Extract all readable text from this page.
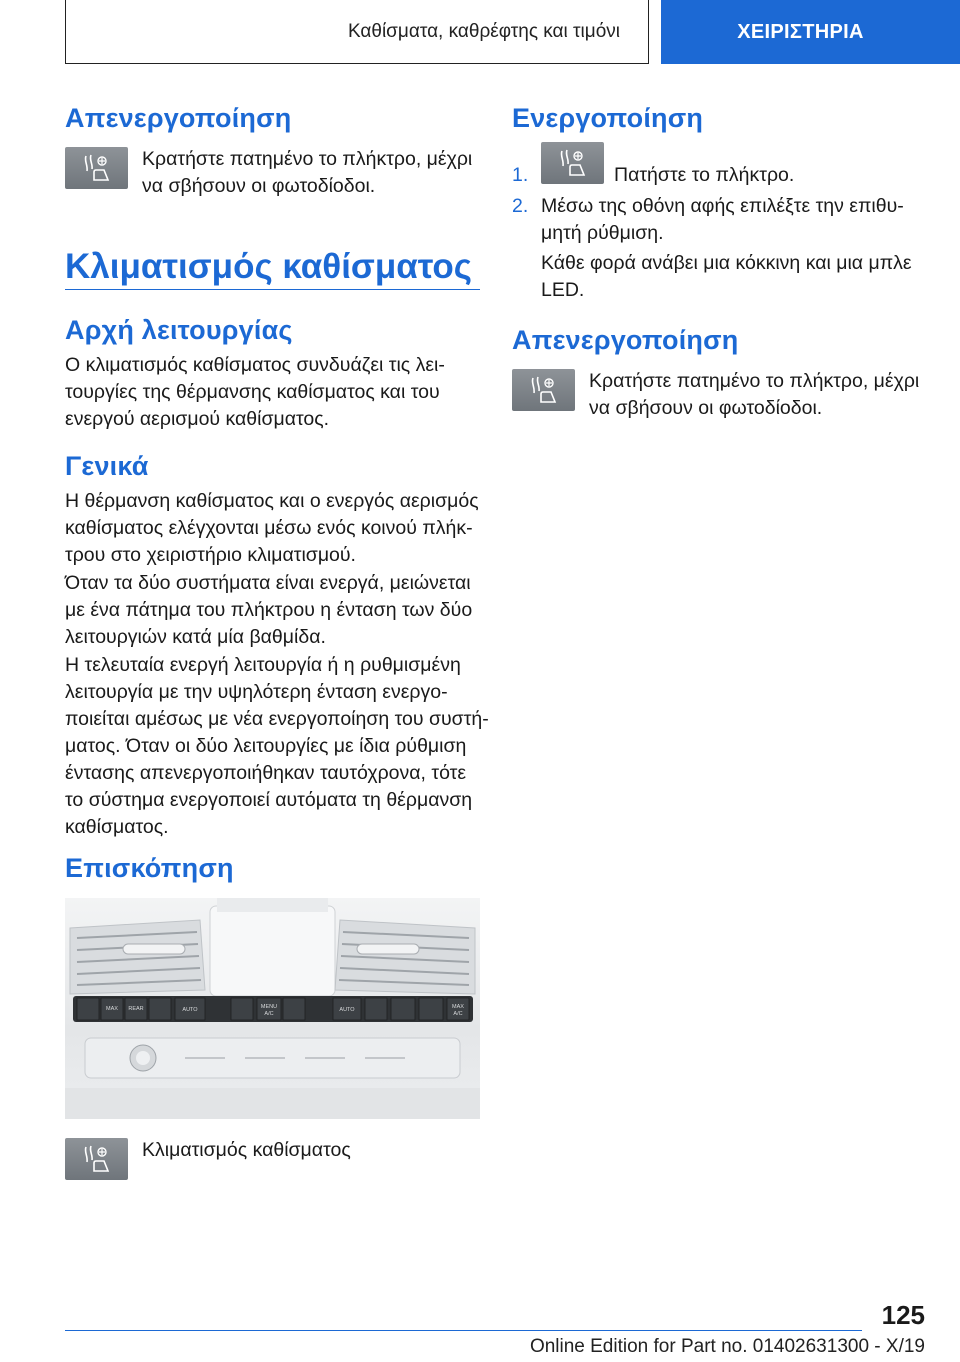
Καθίσματα, καθρέφτης και τιμόνι	ΧΕΙΡΙΣΤΗΡΙΑ
Απενεργοποίηση
Κρατήστε πατημένο το πλήκτρο, μέχρι
να σβήσουν οι φωτοδίοδοι.
Κλιματισμός καθίσματος
Αρχή λειτουργίας
Ο κλιματισμός καθίσματος συνδυάζει τις λει-
τουργίες της θέρμανσης καθίσματος και του
ενεργού αερισμού καθίσματος.
Γενικά
Η θέρμανση καθίσματος και ο ενεργός αερισμός
καθίσματος ελέγχονται μέσω ενός κοινού πλήκ-
τρου στο χειριστήριο κλιματισμού.
Όταν τα δύο συστήματα είναι ενεργά, μειώνεται
με ένα πάτημα του πλήκτρου η ένταση των δύο
λειτουργιών κατά μία βαθμίδα.
Η τελευταία ενεργή λειτουργία ή η ρυθμισμένη
λειτουργία με την υψηλότερη ένταση ενεργο-
ποιείται αμέσως με νέα ενεργοποίηση του συστή-
ματος. Όταν οι δύο λειτουργίες με ίδια ρύθμιση
έντασης απενεργοποιήθηκαν ταυτόχρονα, τότε
το σύστημα ενεργοποιεί αυτόματα τη θέρμανση
καθίσματος.
Επισκόπηση
MAX REAR	AUTO	MENU
A/C
AUTO	MAX
A/C
Κλιματισμός καθίσματος
Ενεργοποίηση
1.	Πατήστε το πλήκτρο.
2. Μέσω της οθόνη αφής επιλέξτε την επιθυ-
μητή ρύθμιση.
Κάθε φορά ανάβει μια κόκκινη και μια μπλε
LED.
Απενεργοποίηση
Κρατήστε πατημένο το πλήκτρο, μέχρι
να σβήσουν οι φωτοδίοδοι.
125
Online Edition for Part no. 01402631300 - X/19
